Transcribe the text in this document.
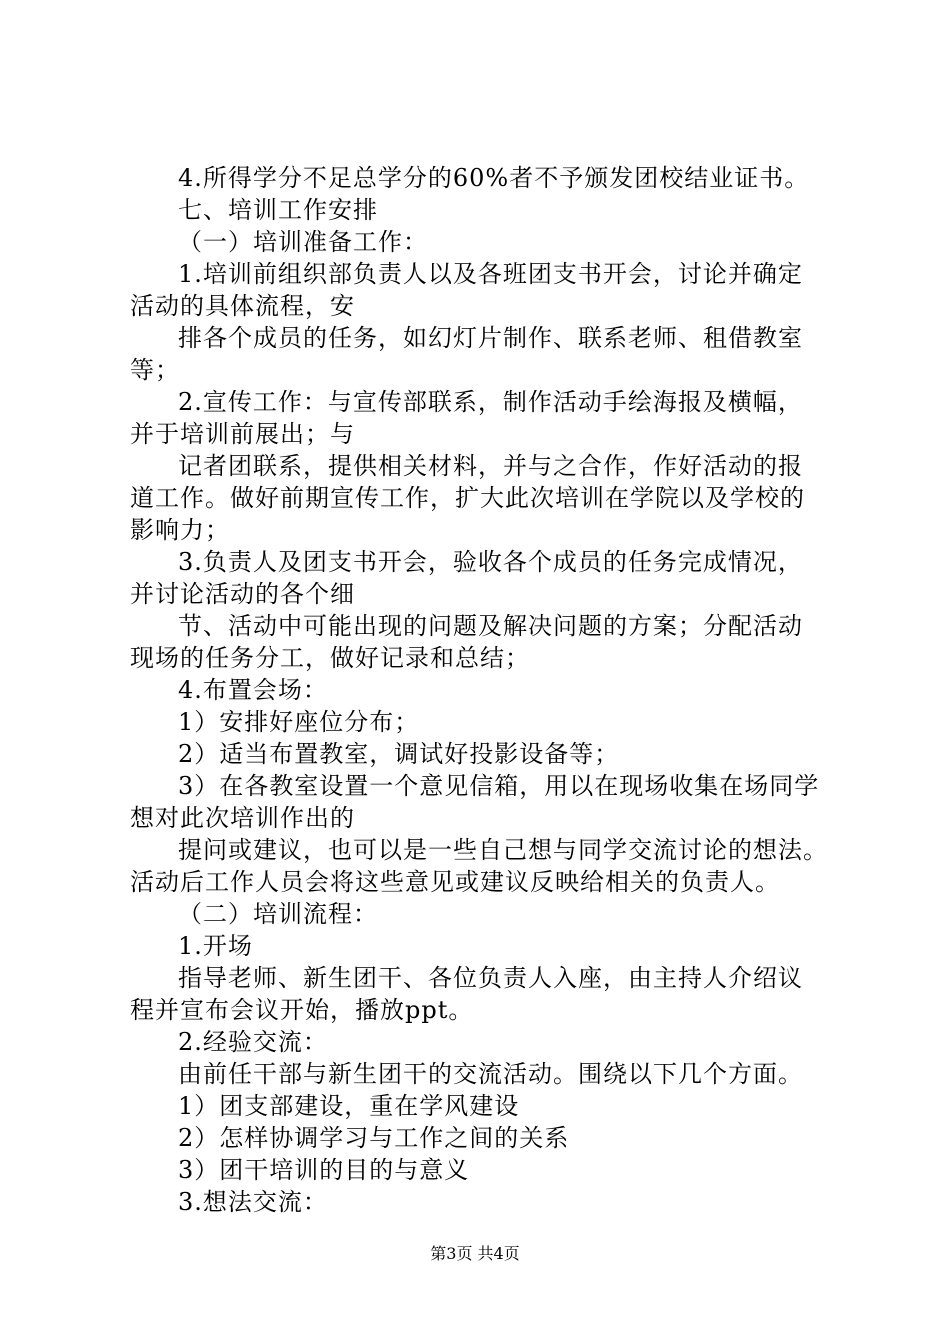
4.所得学分不足总学分的60%者不予颁发团校结业证书。
七、培训工作安排
（一）培训准备工作：
1.培训前组织部负责人以及各班团支书开会，讨论并确定
活动的具体流程，安
排各个成员的任务，如幻灯片制作、联系老师、租借教室
等；
2.宣传工作：与宣传部联系，制作活动手绘海报及横幅，
并于培训前展出；与
记者团联系，提供相关材料，并与之合作，作好活动的报
道工作。做好前期宣传工作，扩大此次培训在学院以及学校的
影响力；
3.负责人及团支书开会，验收各个成员的任务完成情况，
并讨论活动的各个细
节、活动中可能出现的问题及解决问题的方案；分配活动
现场的任务分工，做好记录和总结；
4.布置会场：
1）安排好座位分布；
2）适当布置教室，调试好投影设备等；
3）在各教室设置一个意见信箱，用以在现场收集在场同学
想对此次培训作出的
提问或建议，也可以是一些自己想与同学交流讨论的想法。
活动后工作人员会将这些意见或建议反映给相关的负责人。
（二）培训流程：
1.开场
指导老师、新生团干、各位负责人入座，由主持人介绍议
程并宣布会议开始，播放ppt。
2.经验交流：
由前任干部与新生团干的交流活动。围绕以下几个方面。
1）团支部建设，重在学风建设
2）怎样协调学习与工作之间的关系
3）团干培训的目的与意义
3.想法交流：
第3页 共4页
